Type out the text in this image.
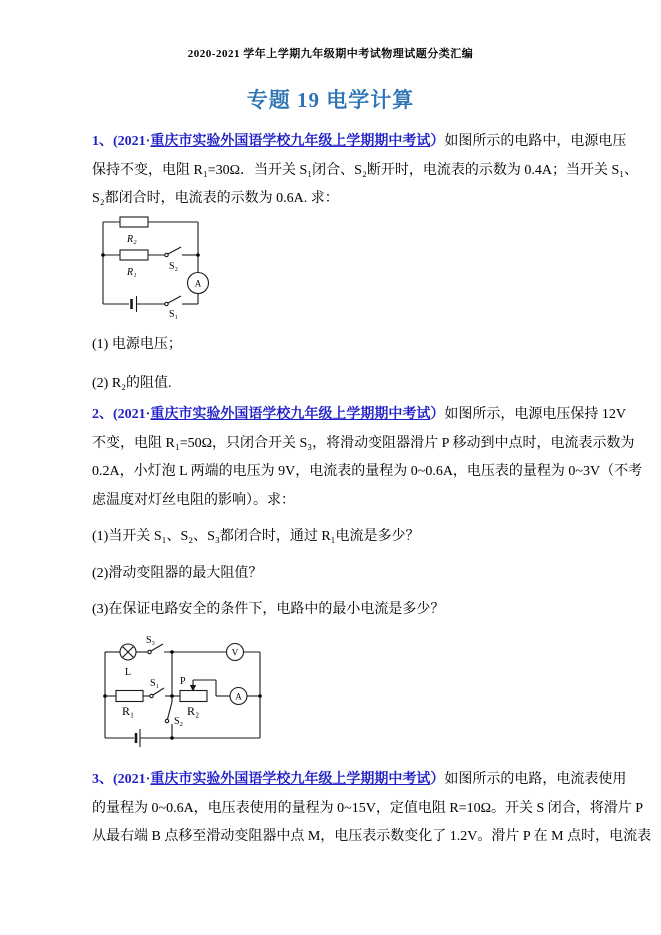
2020-2021 学年上学期九年级期中考试物理试题分类汇编
专题 19 电学计算
1、(2021·重庆市实验外国语学校九年级上学期期中考试）如图所示的电路中，电源电压
保持不变，电阻 R₁=30Ω．当开关 S₁闭合、S₂断开时，电流表的示数为 0.4A；当开关 S₁、
S₂都闭合时，电流表的示数为 0.6A. 求：
A
R₂
R₁
S₂
S₁
(1) 电源电压；
(2) R₂的阻值.
2、(2021·重庆市实验外国语学校九年级上学期期中考试）如图所示，电源电压保持 12V
不变，电阻 R₁=50Ω，只闭合开关 S₃，将滑动变阻器滑片 P 移动到中点时，电流表示数为
0.2A，小灯泡 L 两端的电压为 9V，电流表的量程为 0~0.6A，电压表的量程为 0~3V（不考
虑温度对灯丝电阻的影响）。求：
(1)当开关 S₁、S₂、S₃都闭合时，通过 R₁电流是多少？
(2)滑动变阻器的最大阻值？
(3)在保证电路安全的条件下，电路中的最小电流是多少？
V
A
L
S₃
R₁
S₁ P
R₂
S₂
3、(2021·重庆市实验外国语学校九年级上学期期中考试）如图所示的电路，电流表使用
的量程为 0~0.6A，电压表使用的量程为 0~15V，定值电阻 R=10Ω。开关 S 闭合，将滑片 P
从最右端 B 点移至滑动变阻器中点 M，电压表示数变化了 1.2V。滑片 P 在 M 点时，电流表
